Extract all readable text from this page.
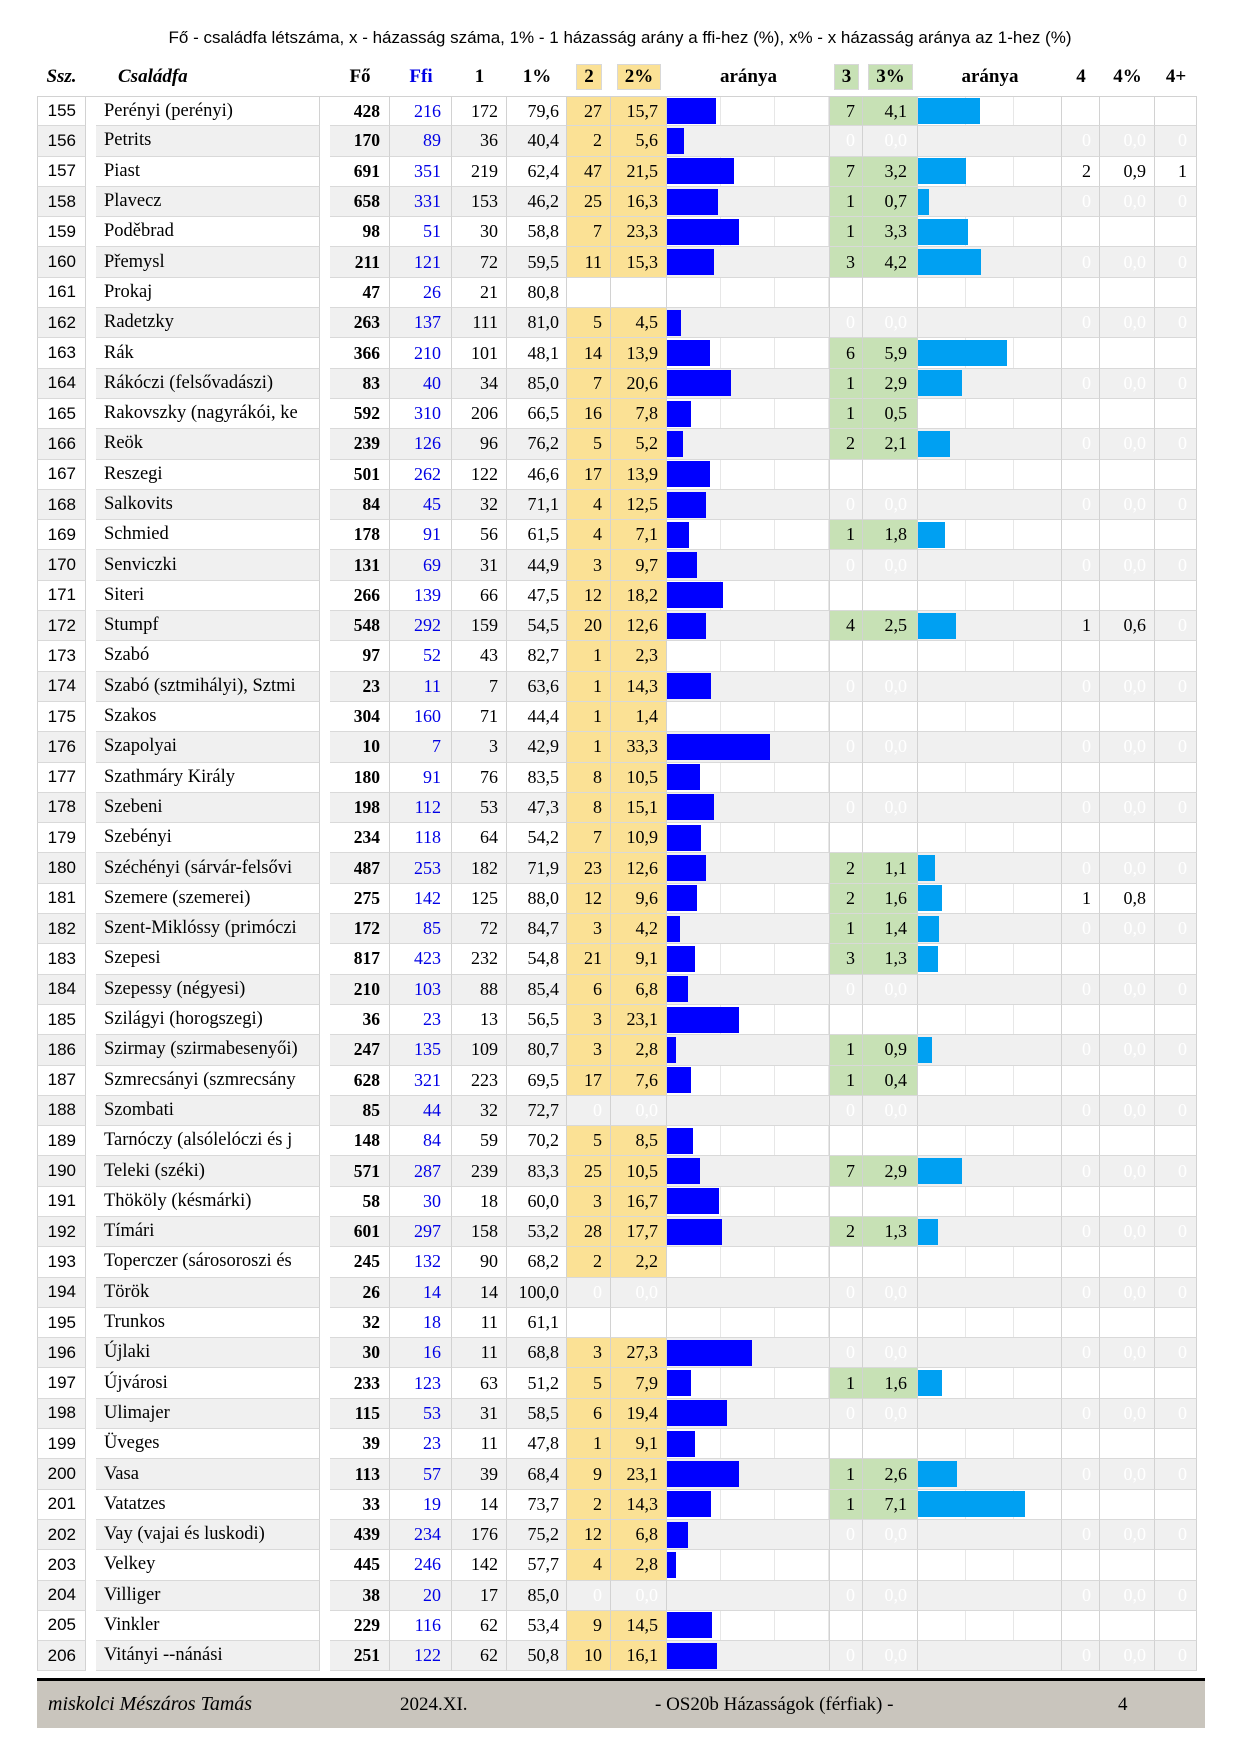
Fő - családfa létszáma, x - házasság száma, 1% - 1 házasság arány a ffi-hez (%), x% - x házasság aránya az 1-hez (%)
Ssz.	Családfa	Fő	Ffi	1	1%	2	2%	aránya	3	3%	aránya	4	4%	4+
155	Perényi (perényi)	428	216	172	79,6	27	15,7	7	4,1
156	Petrits	170	89	36	40,4	2	5,6	0	0,0	0	0,0	0
157	Piast	691	351	219	62,4	47	21,5	7	3,2	2	0,9	1
158	Plavecz	658	331	153	46,2	25	16,3	1	0,7	0	0,0	0
159	Poděbrad	98	51	30	58,8	7	23,3	1	3,3
160	Přemysl	211	121	72	59,5	11	15,3	3	4,2	0	0,0	0
161	Prokaj	47	26	21	80,8
162	Radetzky	263	137	111	81,0	5	4,5	0	0,0	0	0,0	0
163	Rák	366	210	101	48,1	14	13,9	6	5,9
164	Rákóczi (felsővadászi)	83	40	34	85,0	7	20,6	1	2,9	0	0,0	0
165	Rakovszky (nagyrákói, ke	592	310	206	66,5	16	7,8	1	0,5
166	Reök	239	126	96	76,2	5	5,2	2	2,1	0	0,0	0
167	Reszegi	501	262	122	46,6	17	13,9
168	Salkovits	84	45	32	71,1	4	12,5	0	0,0	0	0,0	0
169	Schmied	178	91	56	61,5	4	7,1	1	1,8
170	Senviczki	131	69	31	44,9	3	9,7	0	0,0	0	0,0	0
171	Siteri	266	139	66	47,5	12	18,2
172	Stumpf	548	292	159	54,5	20	12,6	4	2,5	1	0,6	0
173	Szabó	97	52	43	82,7	1	2,3
174	Szabó (sztmihályi), Sztmi	23	11	7	63,6	1	14,3	0	0,0	0	0,0	0
175	Szakos	304	160	71	44,4	1	1,4
176	Szapolyai	10	7	3	42,9	1	33,3	0	0,0	0	0,0	0
177	Szathmáry Király	180	91	76	83,5	8	10,5
178	Szebeni	198	112	53	47,3	8	15,1	0	0,0	0	0,0	0
179	Szebényi	234	118	64	54,2	7	10,9
180	Széchényi (sárvár-felsővi	487	253	182	71,9	23	12,6	2	1,1	0	0,0	0
181	Szemere (szemerei)	275	142	125	88,0	12	9,6	2	1,6	1	0,8
182	Szent-Miklóssy (primóczi	172	85	72	84,7	3	4,2	1	1,4	0	0,0	0
183	Szepesi	817	423	232	54,8	21	9,1	3	1,3
184	Szepessy (négyesi)	210	103	88	85,4	6	6,8	0	0,0	0	0,0	0
185	Szilágyi (horogszegi)	36	23	13	56,5	3	23,1
186	Szirmay (szirmabesenyői)	247	135	109	80,7	3	2,8	1	0,9	0	0,0	0
187	Szmrecsányi (szmrecsány	628	321	223	69,5	17	7,6	1	0,4
188	Szombati	85	44	32	72,7	0	0,0	0	0,0	0	0,0	0
189	Tarnóczy (alsólelóczi és j	148	84	59	70,2	5	8,5
190	Teleki (széki)	571	287	239	83,3	25	10,5	7	2,9	0	0,0	0
191	Thököly (késmárki)	58	30	18	60,0	3	16,7
192	Tímári	601	297	158	53,2	28	17,7	2	1,3	0	0,0	0
193	Toperczer (sárosoroszi és	245	132	90	68,2	2	2,2
194	Török	26	14	14	100,0	0	0,0	0	0,0	0	0,0	0
195	Trunkos	32	18	11	61,1
196	Újlaki	30	16	11	68,8	3	27,3	0	0,0	0	0,0	0
197	Újvárosi	233	123	63	51,2	5	7,9	1	1,6
198	Ulimajer	115	53	31	58,5	6	19,4	0	0,0	0	0,0	0
199	Üveges	39	23	11	47,8	1	9,1
200	Vasa	113	57	39	68,4	9	23,1	1	2,6	0	0,0	0
201	Vatatzes	33	19	14	73,7	2	14,3	1	7,1
202	Vay (vajai és luskodi)	439	234	176	75,2	12	6,8	0	0,0	0	0,0	0
203	Velkey	445	246	142	57,7	4	2,8
204	Villiger	38	20	17	85,0	0	0,0	0	0,0	0	0,0	0
205	Vinkler	229	116	62	53,4	9	14,5
206	Vitányi --nánási	251	122	62	50,8	10	16,1	0	0,0	0	0,0	0
miskolci Mészáros Tamás	2024.XI.	- OS20b Házasságok (férfiak) -	4
